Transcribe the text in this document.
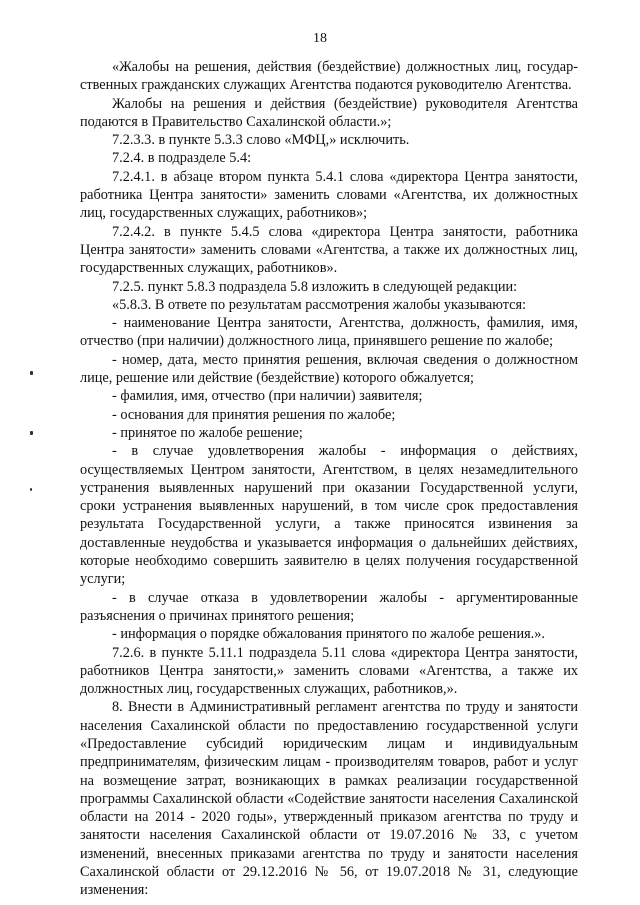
18

«Жалобы на решения, действия (бездействие) должностных лиц, государственных гражданских служащих Агентства подаются руководителю Агентства.

Жалобы на решения и действия (бездействие) руководителя Агентства подаются в Правительство Сахалинской области.»;

7.2.3.3. в пункте 5.3.3 слово «МФЦ,» исключить.

7.2.4. в подразделе 5.4:

7.2.4.1. в абзаце втором пункта 5.4.1 слова «директора Центра занятости, работника Центра занятости» заменить словами «Агентства, их должностных лиц, государственных служащих, работников»;

7.2.4.2. в пункте 5.4.5 слова «директора Центра занятости, работника Центра занятости» заменить словами «Агентства, а также их должностных лиц, государственных служащих, работников».

7.2.5. пункт 5.8.3 подраздела 5.8 изложить в следующей редакции:

«5.8.3. В ответе по результатам рассмотрения жалобы указываются:

- наименование Центра занятости, Агентства, должность, фамилия, имя, отчество (при наличии) должностного лица, принявшего решение по жалобе;

- номер, дата, место принятия решения, включая сведения о должностном лице, решение или действие (бездействие) которого обжалуется;

- фамилия, имя, отчество (при наличии) заявителя;

- основания для принятия решения по жалобе;

- принятое по жалобе решение;

- в случае удовлетворения жалобы - информация о действиях, осуществляемых Центром занятости, Агентством, в целях незамедлительного устранения выявленных нарушений при оказании Государственной услуги, сроки устранения выявленных нарушений, в том числе срок предоставления результата Государственной услуги, а также приносятся извинения за доставленные неудобства и указывается информация о дальнейших действиях, которые необходимо совершить заявителю в целях получения государственной услуги;

- в случае отказа в удовлетворении жалобы - аргументированные разъяснения о причинах принятого решения;

- информация о порядке обжалования принятого по жалобе решения.».

7.2.6. в пункте 5.11.1 подраздела 5.11 слова «директора Центра занятости, работников Центра занятости,» заменить словами «Агентства, а также их должностных лиц, государственных служащих, работников,».

8. Внести в Административный регламент агентства по труду и занятости населения Сахалинской области по предоставлению государственной услуги «Предоставление субсидий юридическим лицам и индивидуальным предпринимателям, физическим лицам - производителям товаров, работ и услуг на возмещение затрат, возникающих в рамках реализации государственной программы Сахалинской области «Содействие занятости населения Сахалинской области на 2014 - 2020 годы», утвержденный приказом агентства по труду и занятости населения Сахалинской области от 19.07.2016 № 33, с учетом изменений, внесенных приказами агентства по труду и занятости населения Сахалинской области от 29.12.2016 № 56, от 19.07.2018 № 31, следующие изменения:
